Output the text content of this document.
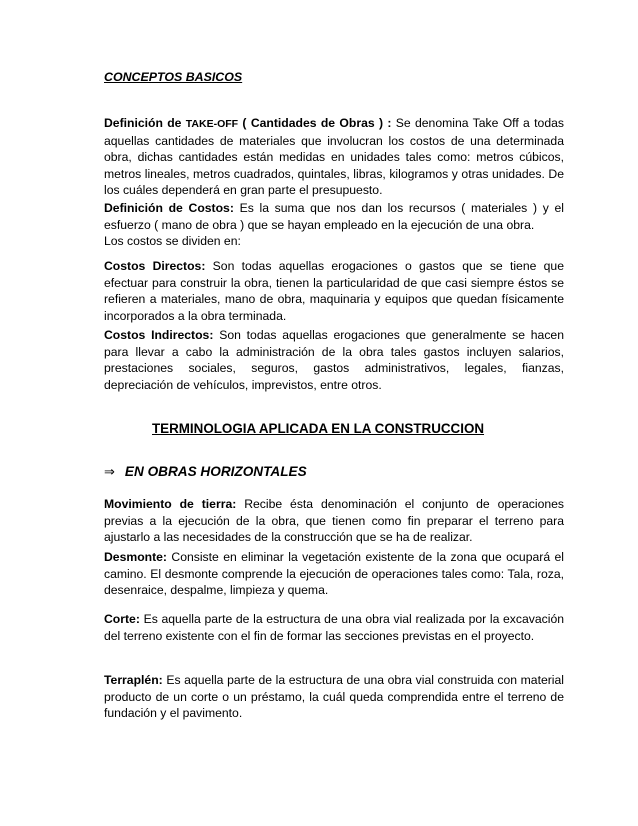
CONCEPTOS BASICOS

Definición de TAKE-OFF ( Cantidades de Obras ) : Se denomina Take Off a todas aquellas cantidades de materiales que involucran los costos de una determinada obra, dichas cantidades están medidas en unidades tales como: metros cúbicos, metros lineales, metros cuadrados, quintales, libras, kilogramos y otras unidades. De los cuáles dependerá en gran parte el presupuesto.

Definición de Costos: Es la suma que nos dan los recursos ( materiales ) y el esfuerzo ( mano de obra ) que se hayan empleado en la ejecución de una obra.
Los costos se dividen en:

Costos Directos: Son todas aquellas erogaciones o gastos que se tiene que efectuar para construir la obra, tienen la particularidad de que casi siempre éstos se refieren a materiales, mano de obra, maquinaria y equipos que quedan físicamente incorporados a la obra terminada.

Costos Indirectos: Son todas aquellas erogaciones que generalmente se hacen para llevar a cabo la administración de la obra tales gastos incluyen salarios, prestaciones sociales, seguros, gastos administrativos, legales, fianzas, depreciación de vehículos, imprevistos, entre otros.

TERMINOLOGIA APLICADA EN LA CONSTRUCCION
⇒ EN OBRAS HORIZONTALES

Movimiento de tierra: Recibe ésta denominación el conjunto de operaciones previas a la ejecución de la obra, que tienen como fin preparar el terreno para ajustarlo a las necesidades de la construcción que se ha de realizar.

Desmonte: Consiste en eliminar la vegetación existente de la zona que ocupará el camino. El desmonte comprende la ejecución de operaciones tales como: Tala, roza, desenraice, despalme, limpieza y quema.

Corte: Es aquella parte de la estructura de una obra vial realizada por la excavación del terreno existente con el fin de formar las secciones previstas en el proyecto.

Terraplén: Es aquella parte de la estructura de una obra vial construida con material producto de un corte o un préstamo, la cuál queda comprendida entre el terreno de fundación y el pavimento.
